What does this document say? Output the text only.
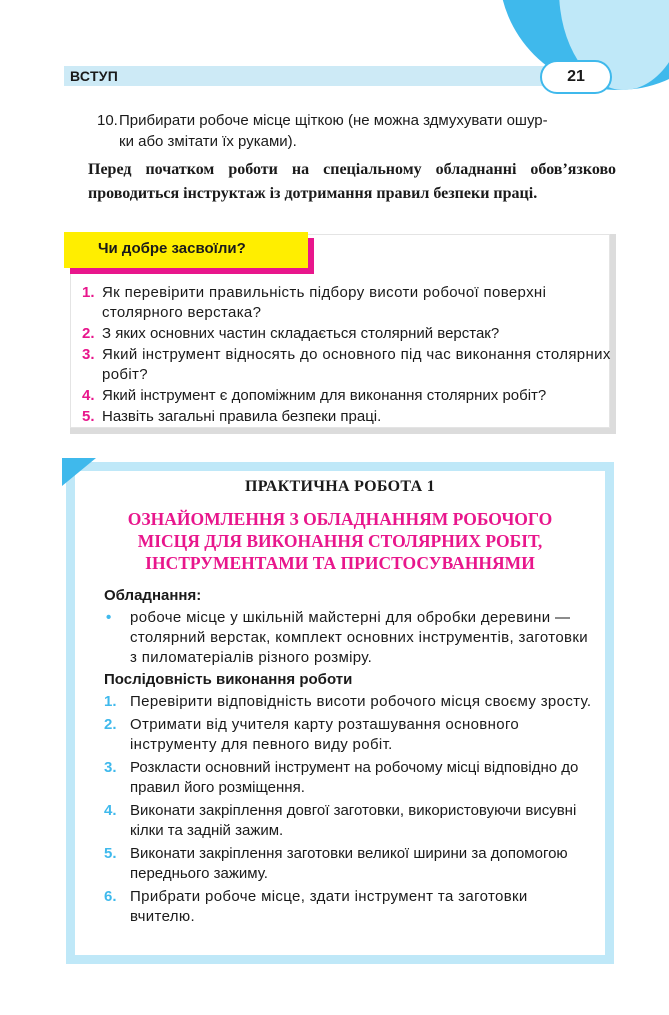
ВСТУП	21
10.Прибирати робоче місце щіткою (не можна здмухувати ошур-
ки або змітати їх руками).
Перед початком роботи на спеціальному обладнанні обов’язково проводиться інструктаж із дотримання правил безпеки праці.
Чи добре засвоїли?
1. Як перевірити правильність підбору висоти робочої поверхні столярного верстака?
2. З яких основних частин складається столярний верстак?
3. Який інструмент відносять до основного під час виконання столярних робіт?
4. Який інструмент є допоміжним для виконання столярних робіт?
5. Назвіть загальні правила безпеки праці.
ПРАКТИЧНА РОБОТА 1
ОЗНАЙОМЛЕННЯ З ОБЛАДНАННЯМ РОБОЧОГО
МІСЦЯ ДЛЯ ВИКОНАННЯ СТОЛЯРНИХ РОБІТ,
ІНСТРУМЕНТАМИ ТА ПРИСТОСУВАННЯМИ
Обладнання:
•	робоче місце у шкільній майстерні для обробки деревини — столярний верстак, комплект основних інструментів, заготовки з пиломатеріалів різного розміру.
Послідовність виконання роботи
1. Перевірити відповідність висоти робочого місця своєму зросту.
2. Отримати від учителя карту розташування основного інструменту для певного виду робіт.
3. Розкласти основний інструмент на робочому місці відповідно до правил його розміщення.
4. Виконати закріплення довгої заготовки, використовуючи висувні кілки та задній зажим.
5. Виконати закріплення заготовки великої ширини за допомогою переднього зажиму.
6. Прибрати робоче місце, здати інструмент та заготовки вчителю.
